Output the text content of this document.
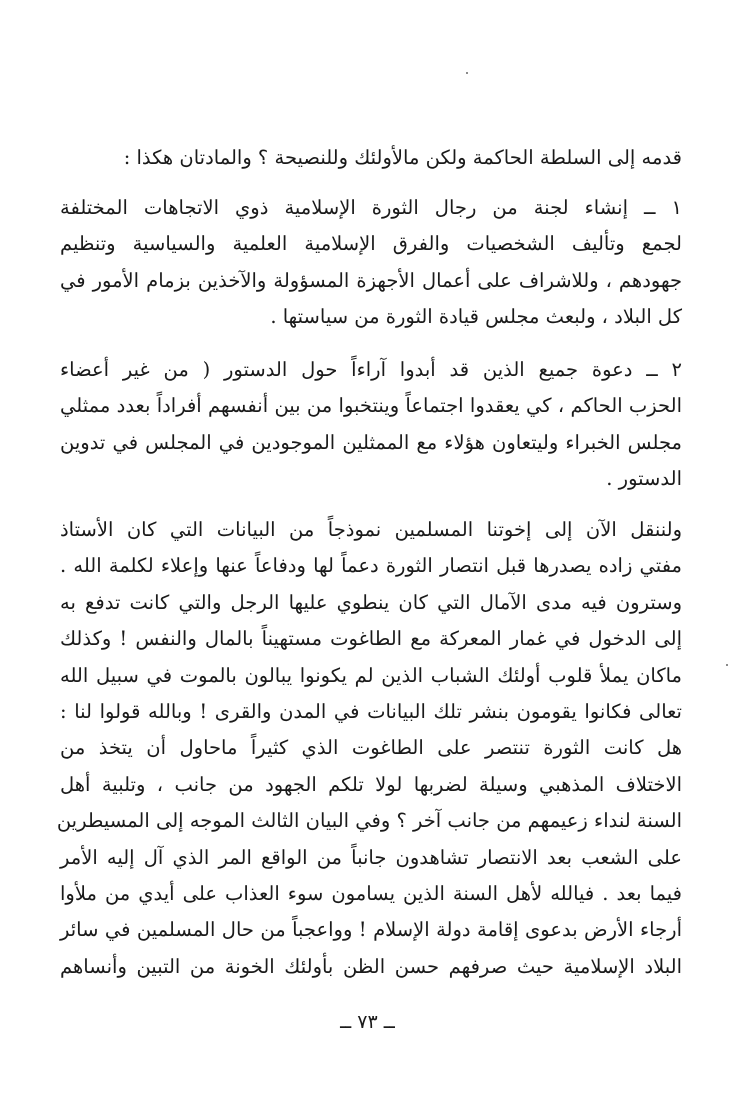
قدمه إلى السلطة الحاكمة ولكن مالأولئك وللنصيحة ؟ والمادتان هكذا :
١ ــ إنشاء لجنة من رجال الثورة الإسلامية ذوي الاتجاهات المختلفة
لجمع وتأليف الشخصيات والفرق الإسلامية العلمية والسياسية وتنظيم
جهودهم ، وللاشراف على أعمال الأجهزة المسؤولة والآخذين بزمام الأمور في
كل البلاد ، ولبعث مجلس قيادة الثورة من سياستها .
٢ ــ دعوة جميع الذين قد أبدوا آراءاً حول الدستور ( من غير أعضاء
الحزب الحاكم ، كي يعقدوا اجتماعاً وينتخبوا من بين أنفسهم أفراداً بعدد ممثلي
مجلس الخبراء وليتعاون هؤلاء مع الممثلين الموجودين في المجلس في تدوين
الدستور .
ولننقل الآن إلى إخوتنا المسلمين نموذجاً من البيانات التي كان الأستاذ
مفتي زاده يصدرها قبل انتصار الثورة دعماً لها ودفاعاً عنها وإعلاء لكلمة الله .
وسترون فيه مدى الآمال التي كان ينطوي عليها الرجل والتي كانت تدفع به
إلى الدخول في غمار المعركة مع الطاغوت مستهيناً بالمال والنفس ! وكذلك
ماكان يملأ قلوب أولئك الشباب الذين لم يكونوا يبالون بالموت في سبيل الله
تعالى فكانوا يقومون بنشر تلك البيانات في المدن والقرى ! وبالله قولوا لنا :
هل كانت الثورة تنتصر على الطاغوت الذي كثيراً ماحاول أن يتخذ من
الاختلاف المذهبي وسيلة لضربها لولا تلكم الجهود من جانب ، وتلبية أهل
السنة لنداء زعيمهم من جانب آخر ؟ وفي البيان الثالث الموجه إلى المسيطرين
على الشعب بعد الانتصار تشاهدون جانباً من الواقع المر الذي آل إليه الأمر
فيما بعد . فيالله لأهل السنة الذين يسامون سوء العذاب على أيدي من ملأوا
أرجاء الأرض بدعوى إقامة دولة الإسلام ! وواعجباً من حال المسلمين في سائر
البلاد الإسلامية حيث صرفهم حسن الظن بأولئك الخونة من التبين وأنساهم
ــ ٧٣ ــ
